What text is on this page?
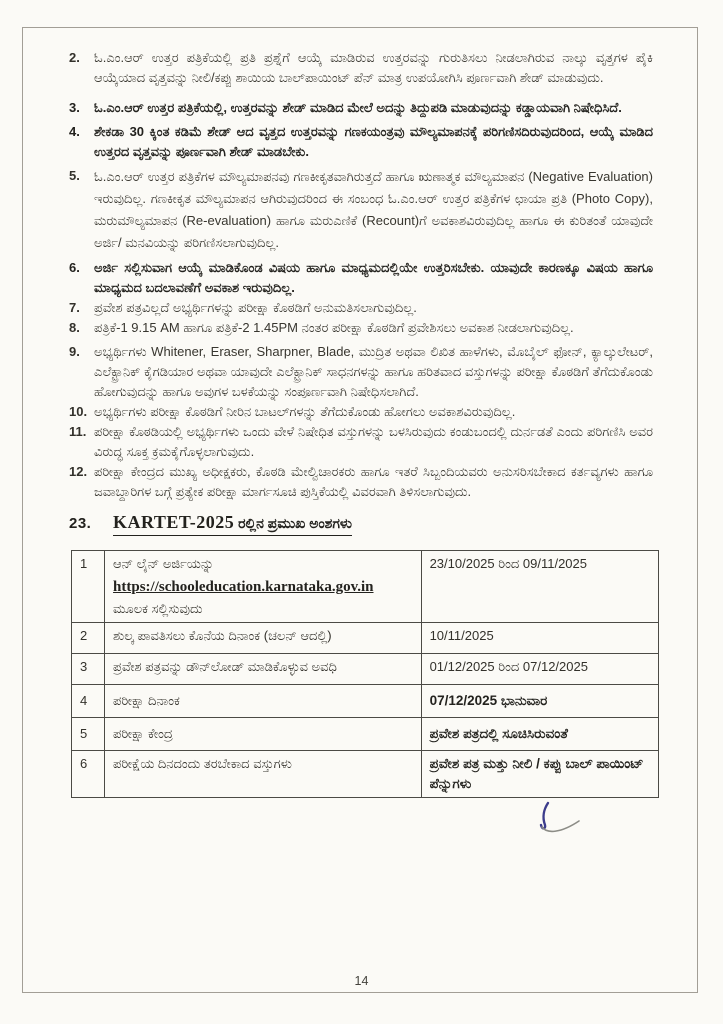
2.	ಓ.ಎಂ.ಆರ್ ಉತ್ತರ ಪತ್ರಿಕೆಯಲ್ಲಿ ಪ್ರತಿ ಪ್ರಶ್ನೆಗೆ ಆಯ್ಕೆ ಮಾಡಿರುವ ಉತ್ತರವನ್ನು ಗುರುತಿಸಲು ನೀಡಲಾಗಿರುವ ನಾಲ್ಕು ವೃತ್ತಗಳ ಪೈಕಿ ಆಯ್ಕೆಯಾದ ವೃತ್ತವನ್ನು ನೀಲಿ/ಕಪ್ಪು ಶಾಯಿಯ ಬಾಲ್‌ಪಾಯಿಂಟ್ ಪೆನ್ ಮಾತ್ರ ಉಪಯೋಗಿಸಿ ಪೂರ್ಣವಾಗಿ ಶೇಡ್ ಮಾಡುವುದು.
3.	ಓ.ಎಂ.ಆರ್ ಉತ್ತರ ಪತ್ರಿಕೆಯಲ್ಲಿ, ಉತ್ತರವನ್ನು ಶೇಡ್ ಮಾಡಿದ ಮೇಲೆ ಅದನ್ನು ತಿದ್ದುಪಡಿ ಮಾಡುವುದನ್ನು ಕಡ್ಡಾಯವಾಗಿ ನಿಷೇಧಿಸಿದೆ.
4.	ಶೇಕಡಾ 30 ಕ್ಕಿಂತ ಕಡಿಮೆ ಶೇಡ್ ಆದ ವೃತ್ತದ ಉತ್ತರವನ್ನು ಗಣಕಯಂತ್ರವು ಮೌಲ್ಯಮಾಪನಕ್ಕೆ ಪರಿಗಣಿಸದಿರುವುದರಿಂದ, ಆಯ್ಕೆ ಮಾಡಿದ ಉತ್ತರದ ವೃತ್ತವನ್ನು ಪೂರ್ಣವಾಗಿ ಶೇಡ್ ಮಾಡಬೇಕು.
5.	ಓ.ಎಂ.ಆರ್ ಉತ್ತರ ಪತ್ರಿಕೆಗಳ ಮೌಲ್ಯಮಾಪನವು ಗಣಕೀಕೃತವಾಗಿರುತ್ತದೆ ಹಾಗೂ ಋಣಾತ್ಮಕ ಮೌಲ್ಯಮಾಪನ (Negative Evaluation) ಇರುವುದಿಲ್ಲ. ಗಣಕೀಕೃತ ಮೌಲ್ಯಮಾಪನ ಆಗಿರುವುದರಿಂದ ಈ ಸಂಬಂಧ ಓ.ಎಂ.ಆರ್ ಉತ್ತರ ಪತ್ರಿಕೆಗಳ ಛಾಯಾ ಪ್ರತಿ (Photo Copy), ಮರುಮೌಲ್ಯಮಾಪನ (Re-evaluation) ಹಾಗೂ ಮರುಎಣಿಕೆ (Recount)ಗೆ ಅವಕಾಶವಿರುವುದಿಲ್ಲ ಹಾಗೂ ಈ ಕುರಿತಂತೆ ಯಾವುದೇ ಅರ್ಜಿ/ ಮನವಿಯನ್ನು ಪರಿಗಣಿಸಲಾಗುವುದಿಲ್ಲ.
6.	ಅರ್ಜಿ ಸಲ್ಲಿಸುವಾಗ ಆಯ್ಕೆ ಮಾಡಿಕೊಂಡ ವಿಷಯ ಹಾಗೂ ಮಾಧ್ಯಮದಲ್ಲಿಯೇ ಉತ್ತರಿಸಬೇಕು. ಯಾವುದೇ ಕಾರಣಕ್ಕೂ ವಿಷಯ ಹಾಗೂ ಮಾಧ್ಯಮದ ಬದಲಾವಣೆಗೆ ಅವಕಾಶ ಇರುವುದಿಲ್ಲ.
7.	ಪ್ರವೇಶ ಪತ್ರವಿಲ್ಲದೆ ಅಭ್ಯರ್ಥಿಗಳನ್ನು ಪರೀಕ್ಷಾ ಕೊಠಡಿಗೆ ಅನುಮತಿಸಲಾಗುವುದಿಲ್ಲ.
8.	ಪತ್ರಿಕೆ-1 9.15 AM ಹಾಗೂ ಪತ್ರಿಕೆ-2 1.45PM ನಂತರ ಪರೀಕ್ಷಾ ಕೊಠಡಿಗೆ ಪ್ರವೇಶಿಸಲು ಅವಕಾಶ ನೀಡಲಾಗುವುದಿಲ್ಲ.
9.	ಅಭ್ಯರ್ಥಿಗಳು Whitener, Eraser, Sharpner, Blade, ಮುದ್ರಿತ ಅಥವಾ ಲಿಖಿತ ಹಾಳೆಗಳು, ಮೊಬೈಲ್ ಫೋನ್, ಕ್ಯಾಲ್ಕುಲೇಟರ್, ಎಲೆಕ್ಟ್ರಾನಿಕ್ ಕೈಗಡಿಯಾರ ಅಥವಾ ಯಾವುದೇ ಎಲೆಕ್ಟ್ರಾನಿಕ್ ಸಾಧನಗಳನ್ನು ಹಾಗೂ ಹರಿತವಾದ ವಸ್ತುಗಳನ್ನು ಪರೀಕ್ಷಾ ಕೊಠಡಿಗೆ ತೆಗೆದುಕೊಂಡು ಹೋಗುವುದನ್ನು ಹಾಗೂ ಅವುಗಳ ಬಳಕೆಯನ್ನು ಸಂಪೂರ್ಣವಾಗಿ ನಿಷೇಧಿಸಲಾಗಿದೆ.
10. ಅಭ್ಯರ್ಥಿಗಳು ಪರೀಕ್ಷಾ ಕೊಠಡಿಗೆ ನೀರಿನ ಬಾಟಲ್‌ಗಳನ್ನು ತೆಗೆದುಕೊಂಡು ಹೋಗಲು ಅವಕಾಶವಿರುವುದಿಲ್ಲ.
11. ಪರೀಕ್ಷಾ ಕೊಠಡಿಯಲ್ಲಿ ಅಭ್ಯರ್ಥಿಗಳು ಒಂದು ವೇಳೆ ನಿಷೇಧಿತ ವಸ್ತುಗಳನ್ನು ಬಳಸಿರುವುದು ಕಂಡುಬಂದಲ್ಲಿ ದುರ್ನಡತೆ ಎಂದು ಪರಿಗಣಿಸಿ ಅವರ ವಿರುದ್ಧ ಸೂಕ್ತ ಕ್ರಮಕೈಗೊಳ್ಳಲಾಗುವುದು.
12. ಪರೀಕ್ಷಾ ಕೇಂದ್ರದ ಮುಖ್ಯ ಅಧೀಕ್ಷಕರು, ಕೊಠಡಿ ಮೇಲ್ವಿಚಾರಕರು ಹಾಗೂ ಇತರೆ ಸಿಬ್ಬಂದಿಯವರು ಅನುಸರಿಸಬೇಕಾದ ಕರ್ತವ್ಯಗಳು ಹಾಗೂ ಜವಾಬ್ದಾರಿಗಳ ಬಗ್ಗೆ ಪ್ರತ್ಯೇಕ ಪರೀಕ್ಷಾ ಮಾರ್ಗಸೂಚಿ ಪುಸ್ತಿಕೆಯಲ್ಲಿ ವಿವರವಾಗಿ ತಿಳಿಸಲಾಗುವುದು.
23.	KARTET-2025 ರಲ್ಲಿನ ಪ್ರಮುಖ ಅಂಶಗಳು
1	ಆನ್ ಲೈನ್ ಅರ್ಜಿಯನ್ನು
https://schooleducation.karnataka.gov.in
ಮೂಲಕ ಸಲ್ಲಿಸುವುದು	23/10/2025 ರಿಂದ 09/11/2025
2	ಶುಲ್ಕ ಪಾವತಿಸಲು ಕೊನೆಯ ದಿನಾಂಕ (ಚಲನ್ ಆದಲ್ಲಿ)	10/11/2025
3	ಪ್ರವೇಶ ಪತ್ರವನ್ನು ಡೌನ್‌ಲೋಡ್ ಮಾಡಿಕೊಳ್ಳುವ ಅವಧಿ	01/12/2025 ರಿಂದ 07/12/2025
4	ಪರೀಕ್ಷಾ ದಿನಾಂಕ	07/12/2025 ಭಾನುವಾರ
5	ಪರೀಕ್ಷಾ ಕೇಂದ್ರ	ಪ್ರವೇಶ ಪತ್ರದಲ್ಲಿ ಸೂಚಿಸಿರುವಂತೆ
6	ಪರೀಕ್ಷೆಯ ದಿನದಂದು ತರಬೇಕಾದ ವಸ್ತುಗಳು	ಪ್ರವೇಶ ಪತ್ರ ಮತ್ತು ನೀಲಿ / ಕಪ್ಪು ಬಾಲ್ ಪಾಯಿಂಟ್ ಪೆನ್ನುಗಳು
14
